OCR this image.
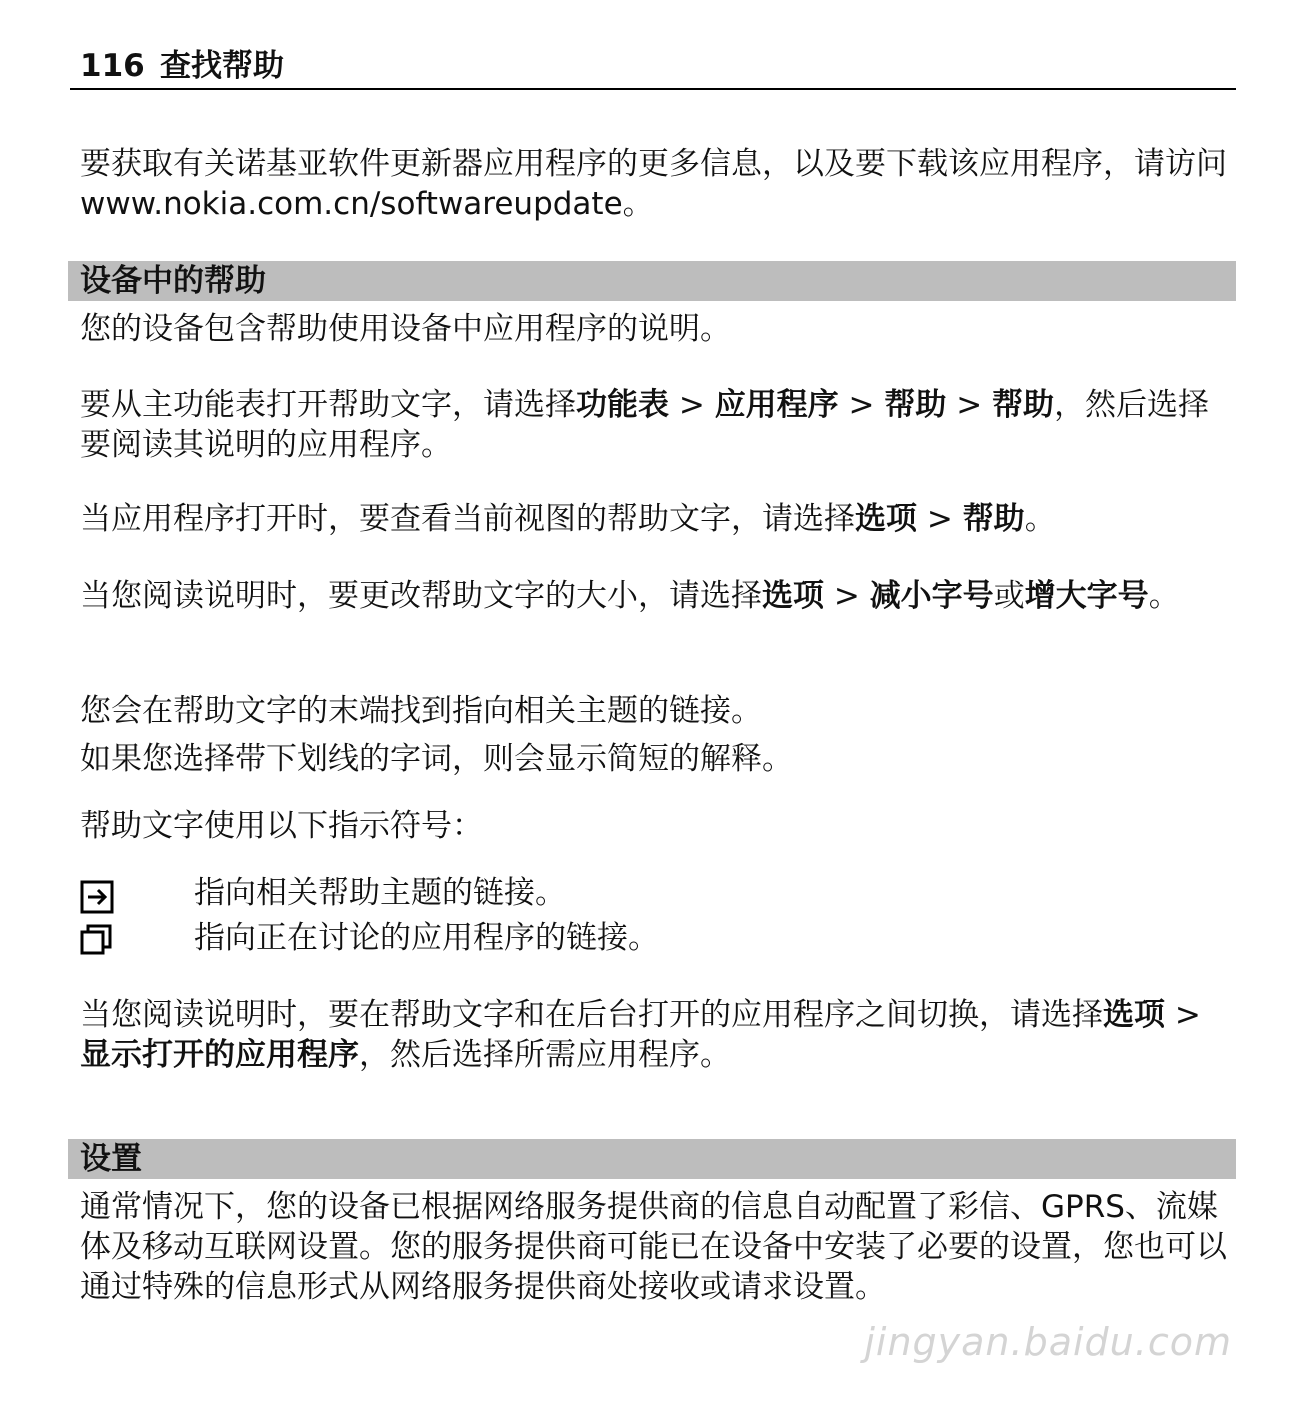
116 查找帮助

要获取有关诺基亚软件更新器应用程序的更多信息，以及要下载该应用程序，请访问 www.nokia.com.cn/softwareupdate。

设备中的帮助

您的设备包含帮助使用设备中应用程序的说明。

要从主功能表打开帮助文字，请选择功能表 > 应用程序 > 帮助 > 帮助，然后选择要阅读其说明的应用程序。

当应用程序打开时，要查看当前视图的帮助文字，请选择选项 > 帮助。

当您阅读说明时，要更改帮助文字的大小，请选择选项 > 减小字号或增大字号。

您会在帮助文字的末端找到指向相关主题的链接。

如果您选择带下划线的字词，则会显示简短的解释。

帮助文字使用以下指示符号：

指向相关帮助主题的链接。
指向正在讨论的应用程序的链接。

当您阅读说明时，要在帮助文字和在后台打开的应用程序之间切换，请选择选项 > 显示打开的应用程序，然后选择所需应用程序。

设置

通常情况下，您的设备已根据网络服务提供商的信息自动配置了彩信、GPRS、流媒体及移动互联网设置。您的服务提供商可能已在设备中安装了必要的设置，您也可以通过特殊的信息形式从网络服务提供商处接收或请求设置。

jingyan.baidu.com
